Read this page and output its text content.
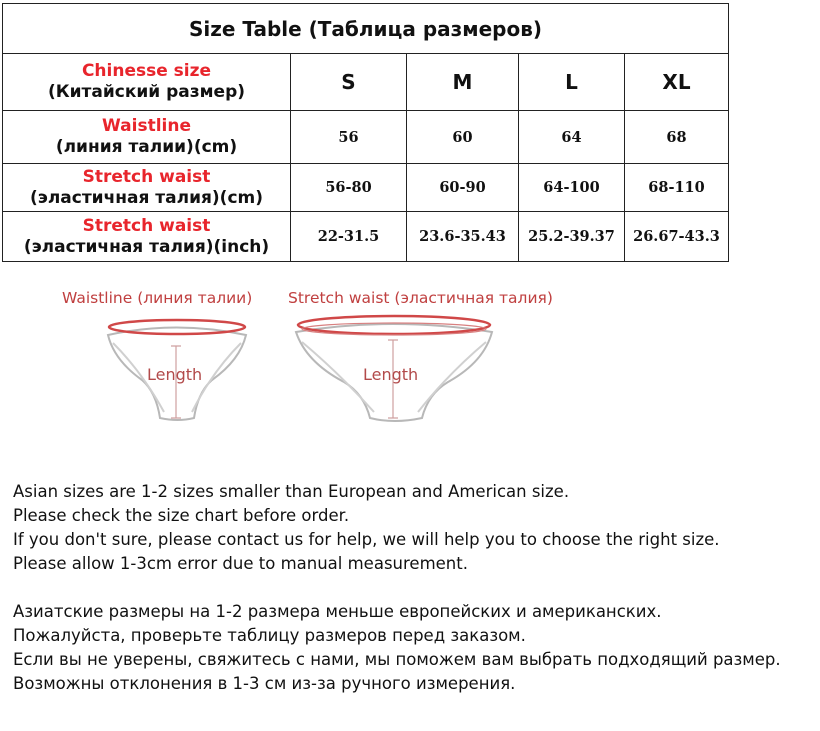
Size Table (Таблица размеров)					

Chinesse size
(Китайский размер)	S	M	L	XL	

Waistline
(линия талии)(cm)	56	60	64	68	

Stretch waist
(эластичная талия)(cm)	56-80	60-90	64-100	68-110	

Stretch waist
(эластичная талия)(inch)	22-31.5	23.6-35.43	25.2-39.37	26.67-43.3	
Waistline (линия талии) Stretch waist (эластичная талия)
Length	Length
Asian sizes are 1-2 sizes smaller than European and American size.
Please check the size chart before order.
If you don't sure, please contact us for help, we will help you to choose the right size.
Please allow 1-3cm error due to manual measurement.
Азиатские размеры на 1-2 размера меньше европейских и американских.
Пожалуйста, проверьте таблицу размеров перед заказом.
Если вы не уверены, свяжитесь с нами, мы поможем вам выбрать подходящий размер.
Возможны отклонения в 1-3 см из-за ручного измерения.
